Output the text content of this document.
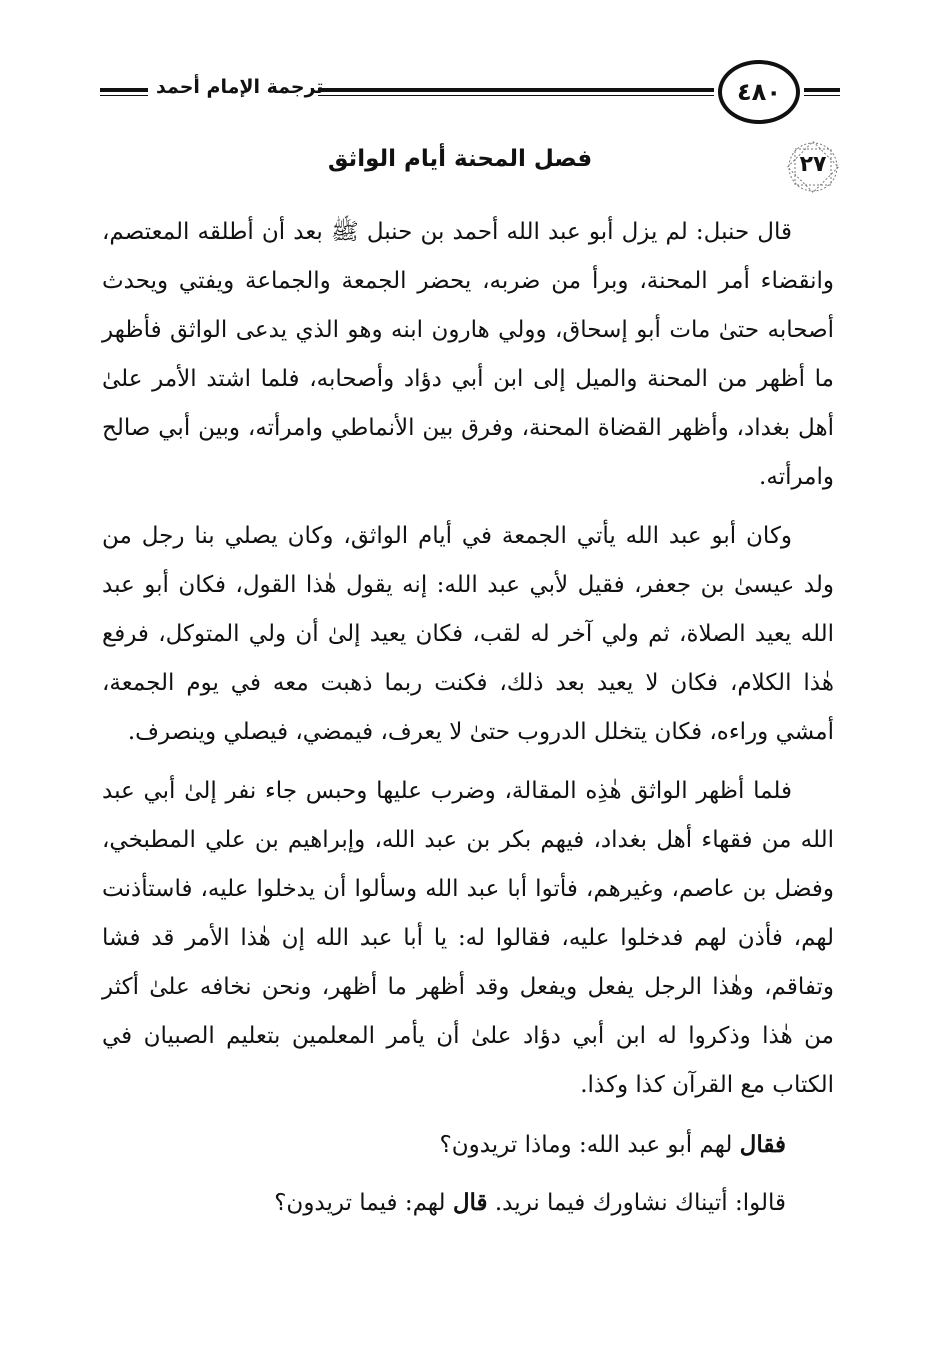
ترجمة الإمام أحمد	٤٨٠
٢٧
فصل المحنة أيام الواثق

قال حنبل: لم يزل أبو عبد الله أحمد بن حنبل ﷺ بعد أن أطلقه المعتصم، وانقضاء أمر المحنة، وبرأ من ضربه، يحضر الجمعة والجماعة ويفتي ويحدث أصحابه حتىٰ مات أبو إسحاق، وولي هارون ابنه وهو الذي يدعى الواثق فأظهر ما أظهر من المحنة والميل إلى ابن أبي دؤاد وأصحابه، فلما اشتد الأمر علىٰ أهل بغداد، وأظهر القضاة المحنة، وفرق بين الأنماطي وامرأته، وبين أبي صالح وامرأته.

وكان أبو عبد الله يأتي الجمعة في أيام الواثق، وكان يصلي بنا رجل من ولد عيسىٰ بن جعفر، فقيل لأبي عبد الله: إنه يقول هٰذا القول، فكان أبو عبد الله يعيد الصلاة، ثم ولي آخر له لقب، فكان يعيد إلىٰ أن ولي المتوكل، فرفع هٰذا الكلام، فكان لا يعيد بعد ذلك، فكنت ربما ذهبت معه في يوم الجمعة، أمشي وراءه، فكان يتخلل الدروب حتىٰ لا يعرف، فيمضي، فيصلي وينصرف.

فلما أظهر الواثق هٰذِه المقالة، وضرب عليها وحبس جاء نفر إلىٰ أبي عبد الله من فقهاء أهل بغداد، فيهم بكر بن عبد الله، وإبراهيم بن علي المطبخي، وفضل بن عاصم، وغيرهم، فأتوا أبا عبد الله وسألوا أن يدخلوا عليه، فاستأذنت لهم، فأذن لهم فدخلوا عليه، فقالوا له: يا أبا عبد الله إن هٰذا الأمر قد فشا وتفاقم، وهٰذا الرجل يفعل ويفعل وقد أظهر ما أظهر، ونحن نخافه علىٰ أكثر من هٰذا وذكروا له ابن أبي دؤاد علىٰ أن يأمر المعلمين بتعليم الصبيان في الكتاب مع القرآن كذا وكذا.

فقال لهم أبو عبد الله: وماذا تريدون؟

قالوا: أتيناك نشاورك فيما نريد. قال لهم: فيما تريدون؟
